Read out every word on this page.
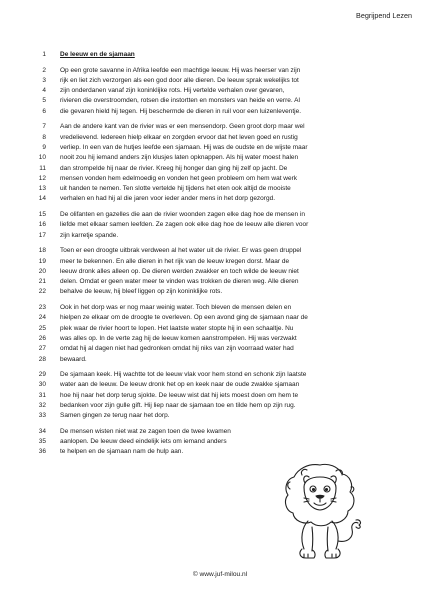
Begrijpend Lezen
1 De leeuw en de sjamaan
2 Op een grote savanne in Afrika leefde een machtige leeuw. Hij was heerser van zijn
3 rijk en liet zich verzorgen als een god door alle dieren. De leeuw sprak wekelijks tot
4 zijn onderdanen vanaf zijn koninklijke rots. Hij vertelde verhalen over gevaren,
5 rivieren die overstroomden, rotsen die instortten en monsters van heide en verre. Al
6 die gevaren hield hij tegen. Hij beschermde de dieren in ruil voor een luizenleventje.
7 Aan de andere kant van de rivier was er een mensendorp. Geen groot dorp maar wel
8 vredelievend. Iedereen hielp elkaar en zorgden ervoor dat het leven goed en rustig
9 verliep. In een van de hutjes leefde een sjamaan. Hij was de oudste en de wijste maar
10 nooit zou hij iemand anders zijn klusjes laten opknappen. Als hij water moest halen
11 dan strompelde hij naar de rivier. Kreeg hij honger dan ging hij zelf op jacht. De
12 mensen vonden hem edelmoedig en vonden het geen probleem om hem wat werk
13 uit handen te nemen. Ten slotte vertelde hij tijdens het eten ook altijd de mooiste
14 verhalen en had hij al die jaren voor ieder ander mens in het dorp gezorgd.
15 De olifanten en gazelles die aan de rivier woonden zagen elke dag hoe de mensen in
16 liefde met elkaar samen leefden. Ze zagen ook elke dag hoe de leeuw alle dieren voor
17 zijn karretje spande.
18 Toen er een droogte uitbrak verdween al het water uit de rivier. Er was geen druppel
19 meer te bekennen. En alle dieren in het rijk van de leeuw kregen dorst. Maar de
20 leeuw dronk alles alleen op. De dieren werden zwakker en toch wilde de leeuw niet
21 delen. Omdat er geen water meer te vinden was trokken de dieren weg. Alle dieren
22 behalve de leeuw, hij bleef liggen op zijn koninklijke rots.
23 Ook in het dorp was er nog maar weinig water. Toch bleven de mensen delen en
24 hielpen ze elkaar om de droogte te overleven. Op een avond ging de sjamaan naar de
25 plek waar de rivier hoort te lopen. Het laatste water stopte hij in een schaaltje. Nu
26 was alles op. In de verte zag hij de leeuw komen aanstrompelen. Hij was verzwakt
27 omdat hij al dagen niet had gedronken omdat hij niks van zijn voorraad water had
28 bewaard.
29 De sjamaan keek. Hij wachtte tot de leeuw vlak voor hem stond en schonk zijn laatste
30 water aan de leeuw. De leeuw dronk het op en keek naar de oude zwakke sjamaan
31 hoe hij naar het dorp terug sjokte. De leeuw wist dat hij iets moest doen om hem te
32 bedanken voor zijn gulle gift. Hij liep naar de sjamaan toe en tilde hem op zijn rug.
33 Samen gingen ze terug naar het dorp.
34 De mensen wisten niet wat ze zagen toen de twee kwamen
35 aanlopen. De leeuw deed eindelijk iets om iemand anders
36 te helpen en de sjamaan nam de hulp aan.
© www.juf-milou.nl
